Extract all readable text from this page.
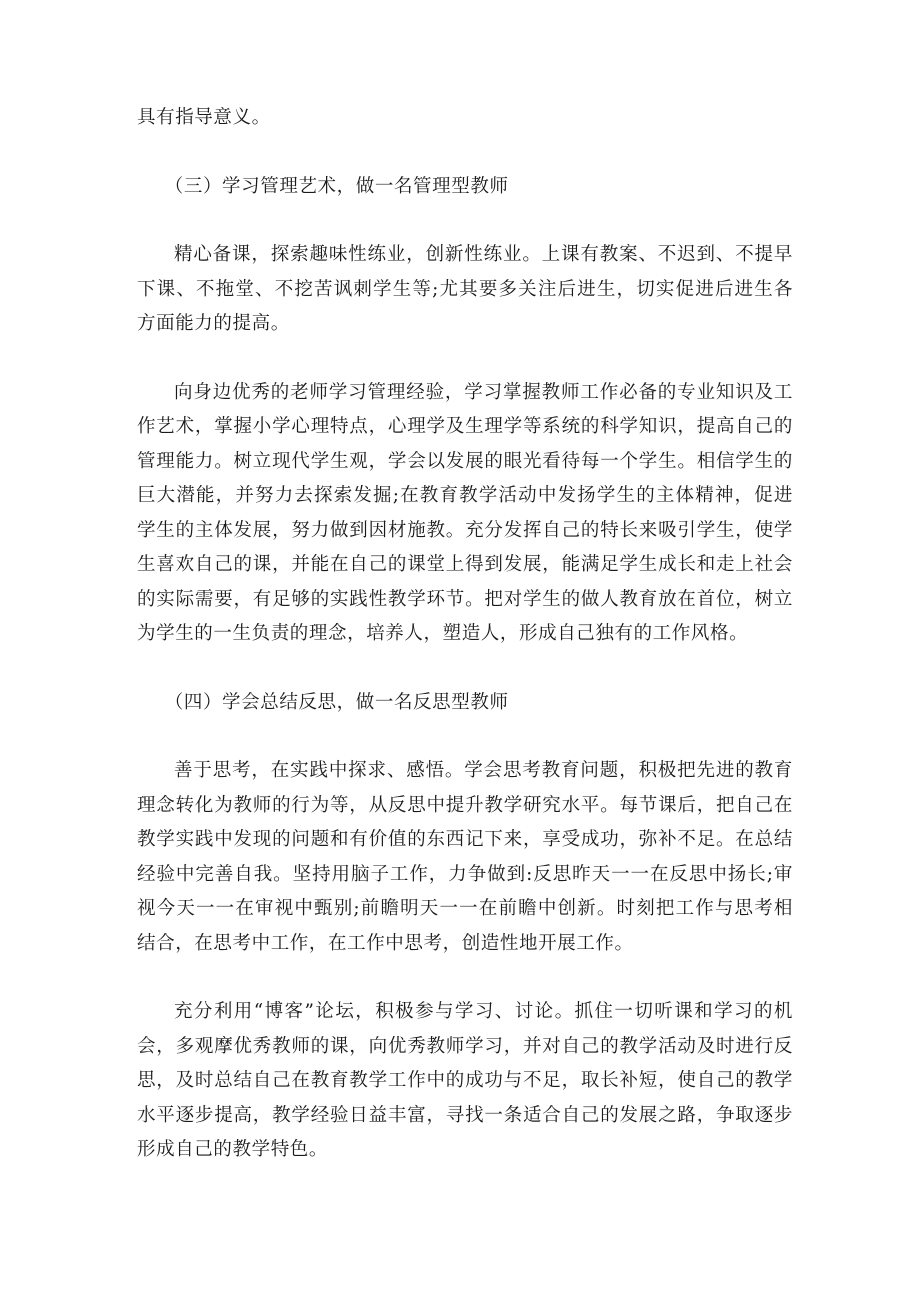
具有指导意义。

（三）学习管理艺术，做一名管理型教师

精心备课，探索趣味性练业，创新性练业。上课有教案、不迟到、不提早下课、不拖堂、不挖苦讽刺学生等;尤其要多关注后进生，切实促进后进生各方面能力的提高。

向身边优秀的老师学习管理经验，学习掌握教师工作必备的专业知识及工作艺术，掌握小学心理特点，心理学及生理学等系统的科学知识，提高自己的管理能力。树立现代学生观，学会以发展的眼光看待每一个学生。相信学生的巨大潜能，并努力去探索发掘;在教育教学活动中发扬学生的主体精神，促进学生的主体发展，努力做到因材施教。充分发挥自己的特长来吸引学生，使学生喜欢自己的课，并能在自己的课堂上得到发展，能满足学生成长和走上社会的实际需要，有足够的实践性教学环节。把对学生的做人教育放在首位，树立为学生的一生负责的理念，培养人，塑造人，形成自己独有的工作风格。

（四）学会总结反思，做一名反思型教师

善于思考，在实践中探求、感悟。学会思考教育问题，积极把先进的教育理念转化为教师的行为等，从反思中提升教学研究水平。每节课后，把自己在教学实践中发现的问题和有价值的东西记下来，享受成功，弥补不足。在总结经验中完善自我。坚持用脑子工作，力争做到:反思昨天一一在反思中扬长;审视今天一一在审视中甄别;前瞻明天一一在前瞻中创新。时刻把工作与思考相结合，在思考中工作，在工作中思考，创造性地开展工作。

充分利用“博客”论坛，积极参与学习、讨论。抓住一切听课和学习的机会，多观摩优秀教师的课，向优秀教师学习，并对自己的教学活动及时进行反思，及时总结自己在教育教学工作中的成功与不足，取长补短，使自己的教学水平逐步提高，教学经验日益丰富，寻找一条适合自己的发展之路，争取逐步形成自己的教学特色。
